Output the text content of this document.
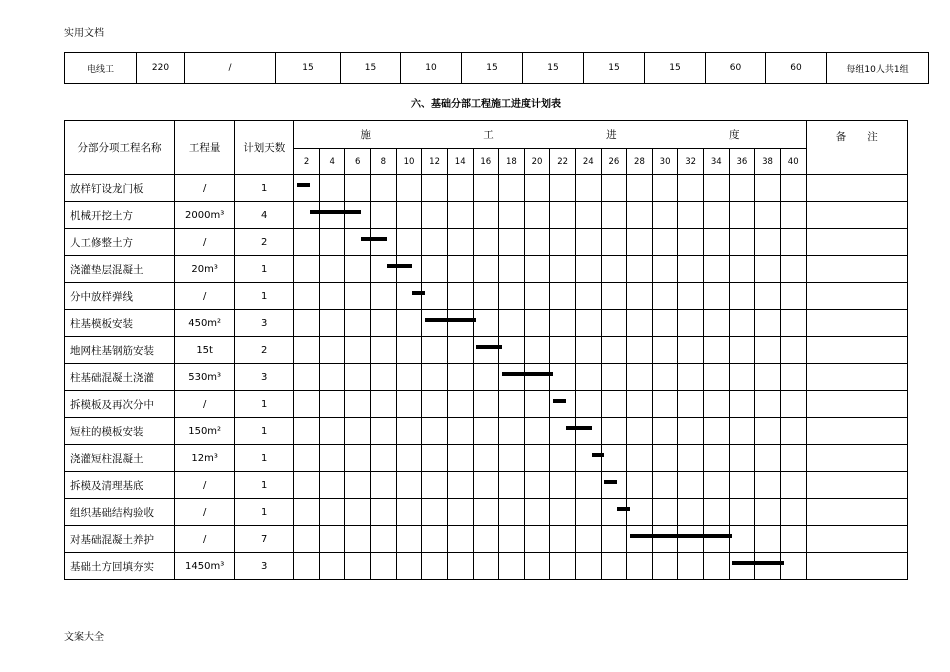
实用文档
电线工	220	/	15	15	10	15	15	15	15	60	60	每组10人共1组
六、基础分部工程施工进度计划表
分部分项工程名称	工程量	计划天数	施 工 进 度																				备　　注
			2	4	6	8	10	12	14	16	18	20	22	24	26	28	30	32	34	36	38	40	
放样钉设龙门板	/	1	

机械开挖土方	2000m³	4	

人工修整土方	/	2	

浇灌垫层混凝土	20m³	1	

分中放样弹线	/	1	

柱基模板安装	450m²	3	

地网柱基钢筋安装	15t	2	

柱基础混凝土浇灌	530m³	3	

拆模板及再次分中	/	1	

短柱的模板安装	150m²	1	

浇灌短柱混凝土	12m³	1	

拆模及清理基底	/	1	

组织基础结构验收	/	1	

对基础混凝土养护	/	7	

基础土方回填夯实	1450m³	3	

文案大全
